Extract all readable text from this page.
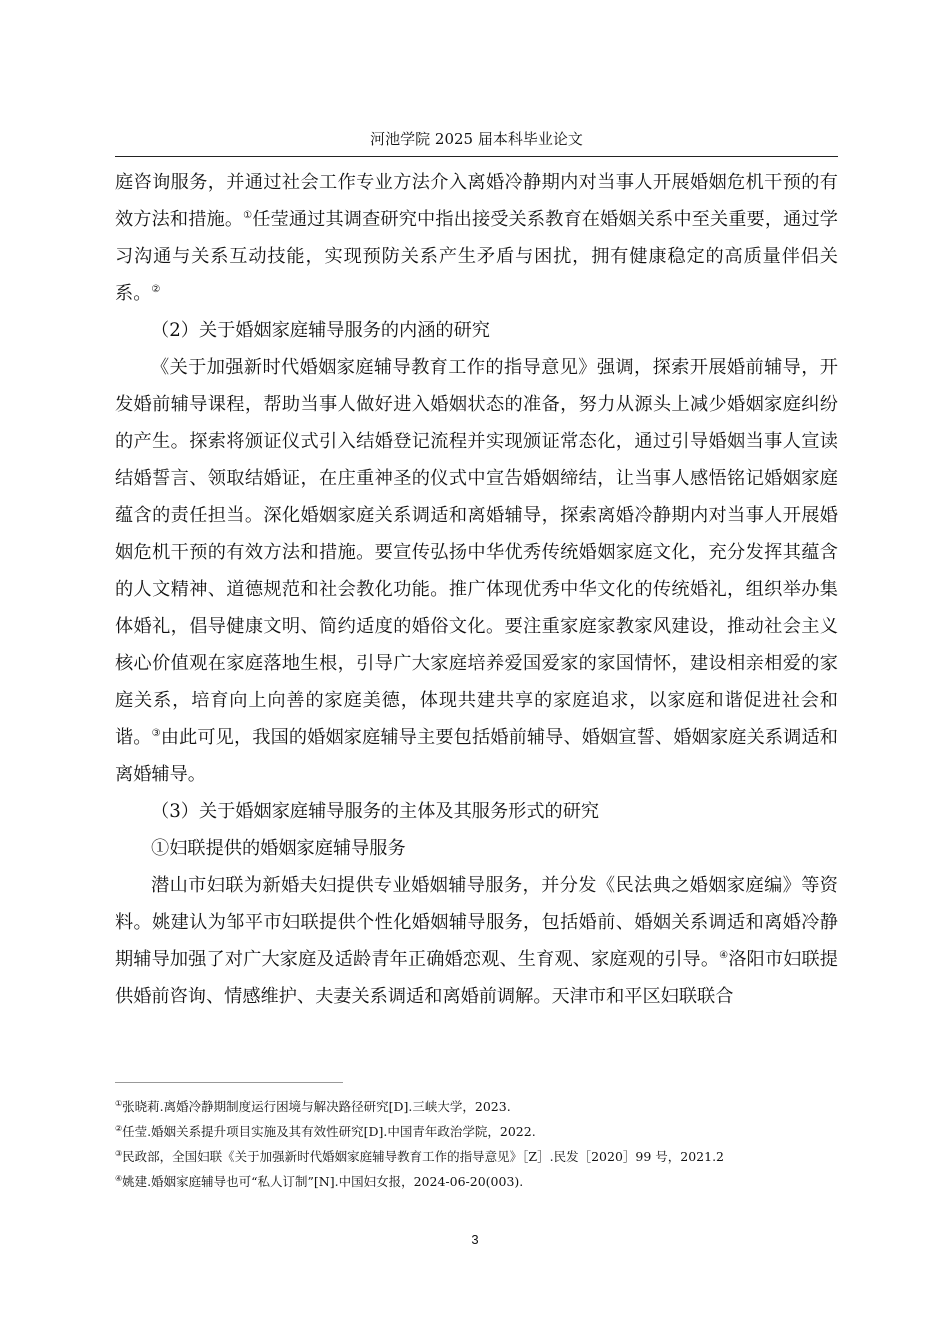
河池学院 2025 届本科毕业论文

庭咨询服务，并通过社会工作专业方法介入离婚冷静期内对当事人开展婚姻危机干预的有效方法和措施。①任莹通过其调查研究中指出接受关系教育在婚姻关系中至关重要，通过学习沟通与关系互动技能，实现预防关系产生矛盾与困扰，拥有健康稳定的高质量伴侣关系。②

（2）关于婚姻家庭辅导服务的内涵的研究

《关于加强新时代婚姻家庭辅导教育工作的指导意见》强调，探索开展婚前辅导，开发婚前辅导课程，帮助当事人做好进入婚姻状态的准备，努力从源头上减少婚姻家庭纠纷的产生。探索将颁证仪式引入结婚登记流程并实现颁证常态化，通过引导婚姻当事人宣读结婚誓言、领取结婚证，在庄重神圣的仪式中宣告婚姻缔结，让当事人感悟铭记婚姻家庭蕴含的责任担当。深化婚姻家庭关系调适和离婚辅导，探索离婚冷静期内对当事人开展婚姻危机干预的有效方法和措施。要宣传弘扬中华优秀传统婚姻家庭文化，充分发挥其蕴含的人文精神、道德规范和社会教化功能。推广体现优秀中华文化的传统婚礼，组织举办集体婚礼，倡导健康文明、简约适度的婚俗文化。要注重家庭家教家风建设，推动社会主义核心价值观在家庭落地生根，引导广大家庭培养爱国爱家的家国情怀，建设相亲相爱的家庭关系，培育向上向善的家庭美德，体现共建共享的家庭追求，以家庭和谐促进社会和谐。③由此可见，我国的婚姻家庭辅导主要包括婚前辅导、婚姻宣誓、婚姻家庭关系调适和离婚辅导。

（3）关于婚姻家庭辅导服务的主体及其服务形式的研究

①妇联提供的婚姻家庭辅导服务

潜山市妇联为新婚夫妇提供专业婚姻辅导服务，并分发《民法典之婚姻家庭编》等资料。姚建认为邹平市妇联提供个性化婚姻辅导服务，包括婚前、婚姻关系调适和离婚冷静期辅导加强了对广大家庭及适龄青年正确婚恋观、生育观、家庭观的引导。④洛阳市妇联提供婚前咨询、情感维护、夫妻关系调适和离婚前调解。天津市和平区妇联联合

①张晓莉.离婚冷静期制度运行困境与解决路径研究[D].三峡大学，2023.
②任莹.婚姻关系提升项目实施及其有效性研究[D].中国青年政治学院，2022.
③民政部，全国妇联《关于加强新时代婚姻家庭辅导教育工作的指导意见》［Z］.民发［2020］99 号，2021.2
④姚建.婚姻家庭辅导也可“私人订制”[N].中国妇女报，2024-06-20(003).
3
